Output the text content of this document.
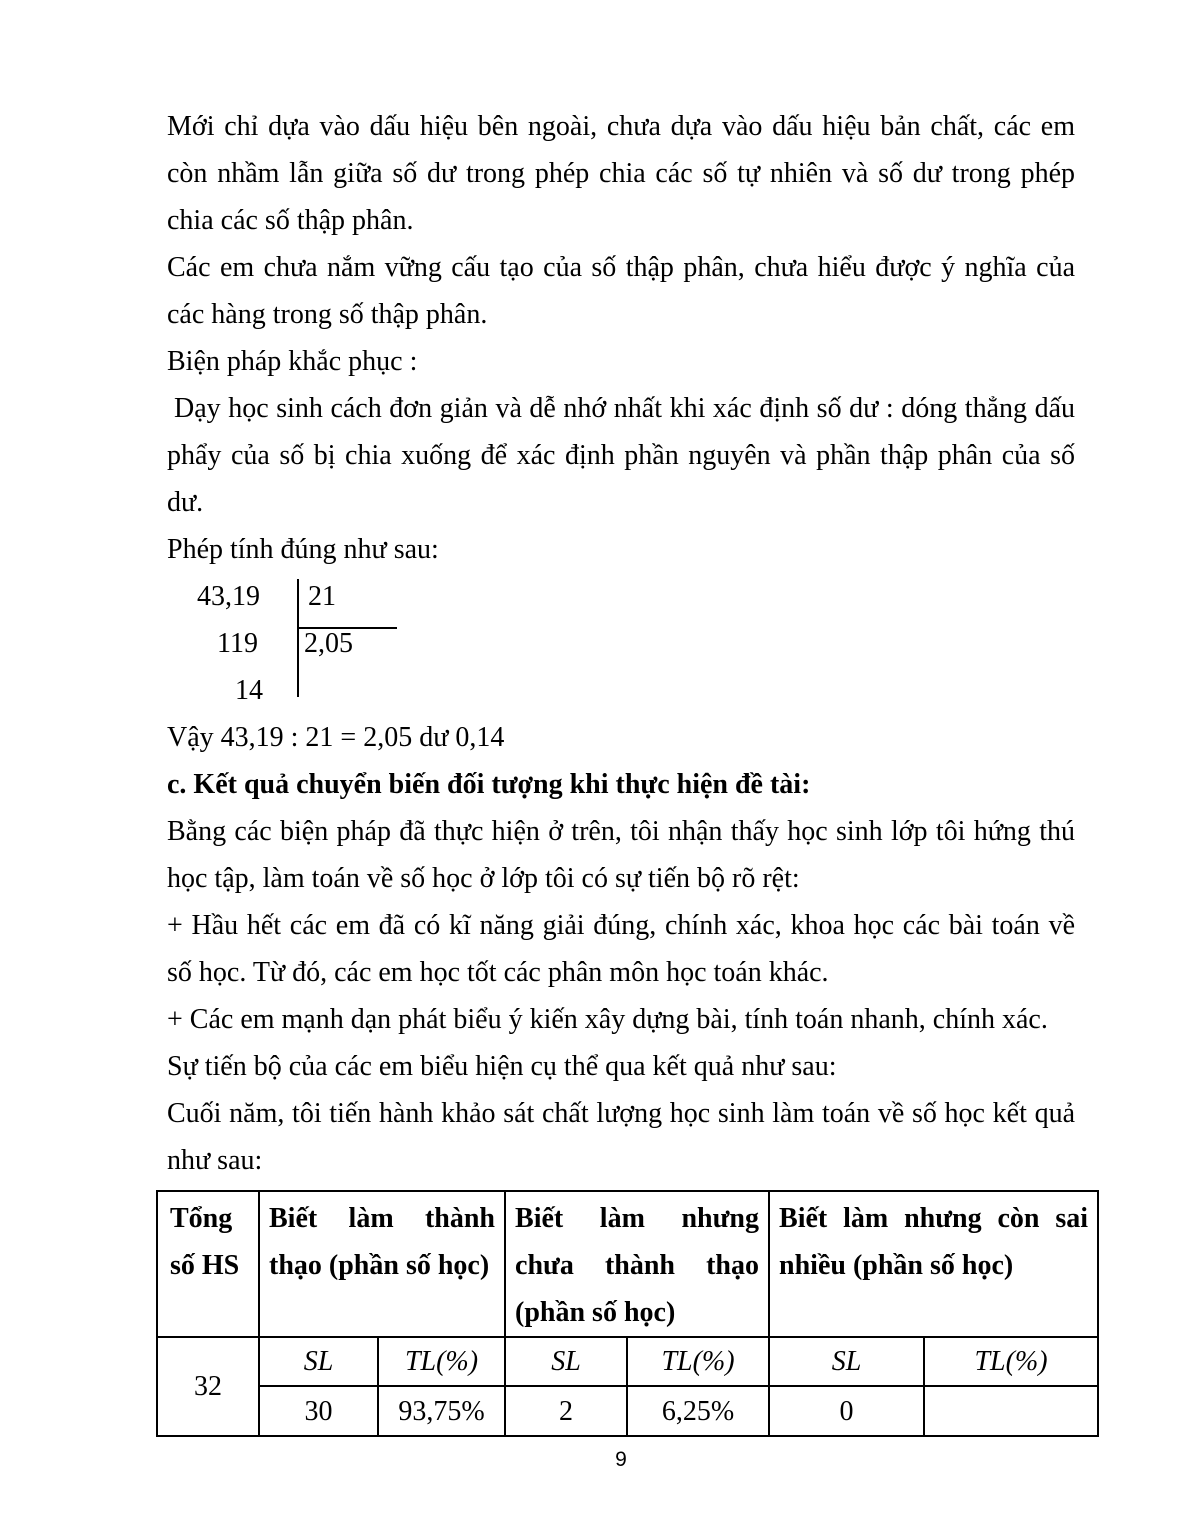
Mới chỉ dựa vào dấu hiệu bên ngoài, chưa dựa vào dấu hiệu bản chất, các em còn nhầm lẫn giữa số dư trong phép chia các số tự nhiên và số dư trong phép chia các số thập phân.

Các em chưa nắm vững cấu tạo của số thập phân, chưa hiểu được ý nghĩa của các hàng trong số thập phân.

Biện pháp khắc phục :

Dạy học sinh cách đơn giản và dễ nhớ nhất khi xác định số dư : dóng thẳng dấu phẩy của số bị chia xuống để xác định phần nguyên và phần thập phân của số dư.

Phép tính đúng như sau:

43,19
119
14
21
2,05

Vậy 43,19 : 21 = 2,05 dư 0,14

c. Kết quả chuyển biến đối tượng khi thực hiện đề tài:

Bằng các biện pháp đã thực hiện ở trên, tôi nhận thấy học sinh lớp tôi hứng thú học tập, làm toán về số học ở lớp tôi có sự tiến bộ rõ rệt:

+ Hầu hết các em đã có kĩ năng giải đúng, chính xác, khoa học các bài toán về số học. Từ đó, các em học tốt các phân môn học toán khác.

+ Các em mạnh dạn phát biểu ý kiến xây dựng bài, tính toán nhanh, chính xác.

Sự tiến bộ của các em biểu hiện cụ thể qua kết quả như sau:

Cuối năm, tôi tiến hành khảo sát chất lượng học sinh làm toán về số học kết quả như sau:

Tổng số HS	Biết làm thành thạo (phần số học)		Biết làm nhưng chưa thành thạo (phần số học)		Biết làm nhưng còn sai nhiều (phần số học)	
32	SL	TL(%)	SL	TL(%)	SL	TL(%)
	30	93,75%	2	6,25%	0	
9
